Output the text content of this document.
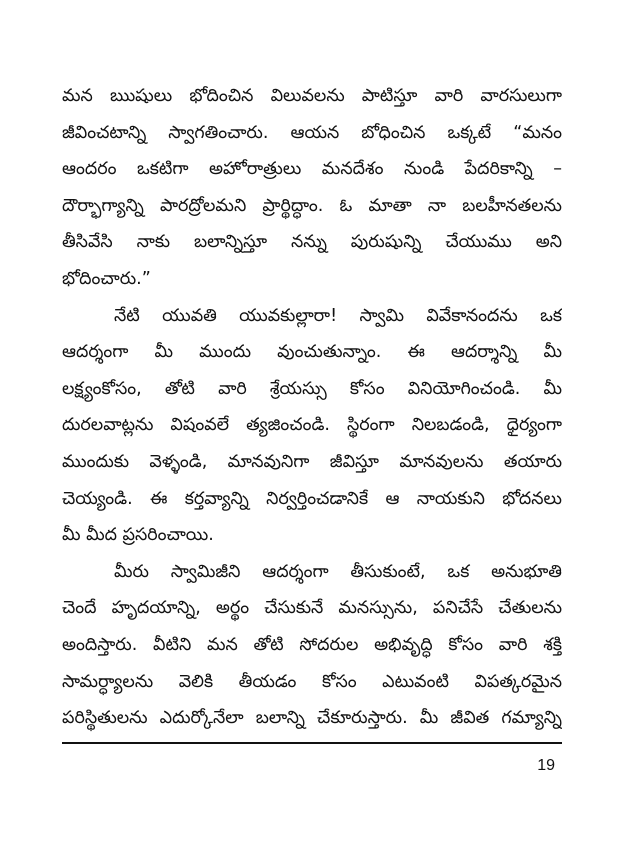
మన ఋషులు భోదించిన విలువలను పాటిస్తూ వారి వారసులుగా
జీవించటాన్ని స్వాగతించారు. ఆయన బోధించిన ఒక్కటే “మనం
ఆందరం ఒకటిగా అహోరాత్రులు మనదేశం నుండి పేదరికాన్ని –
దౌర్భాగ్యాన్ని పారద్రోలమని ప్రార్థిద్ధాం. ఓ మాతా నా బలహీనతలను
తీసివేసి నాకు బలాన్నిస్తూ నన్ను పురుషున్ని చేయుము అని
భోదించారు.”
నేటి యువతి యువకుల్లారా! స్వామి వివేకానందను ఒక
ఆదర్శంగా మీ ముందు వుంచుతున్నాం. ఈ ఆదర్శాన్ని మీ
లక్ష్యంకోసం, తోటి వారి శ్రేయస్సు కోసం వినియోగించండి. మీ
దురలవాట్లను విషంవలే త్యజించండి. స్థిరంగా నిలబడండి, ధైర్యంగా
ముందుకు వెళ్ళండి, మానవునిగా జీవిస్తూ మానవులను తయారు
చెయ్యండి. ఈ కర్తవ్యాన్ని నిర్వర్తించడానికే ఆ నాయకుని భోదనలు
మీ మీద ప్రసరించాయి.
మీరు స్వామిజీని ఆదర్శంగా తీసుకుంటే, ఒక అనుభూతి
చెందే హృదయాన్ని, అర్థం చేసుకునే మనస్సును, పనిచేసే చేతులను
అందిస్తారు. వీటిని మన తోటి సోదరుల అభివృద్ధి కోసం వారి శక్తి
సామర్ధ్యాలను వెలికి తీయడం కోసం ఎటువంటి విపత్కరమైన
పరిస్థితులను ఎదుర్కోనేలా బలాన్ని చేకూరుస్తారు. మీ జీవిత గమ్యాన్ని
19
